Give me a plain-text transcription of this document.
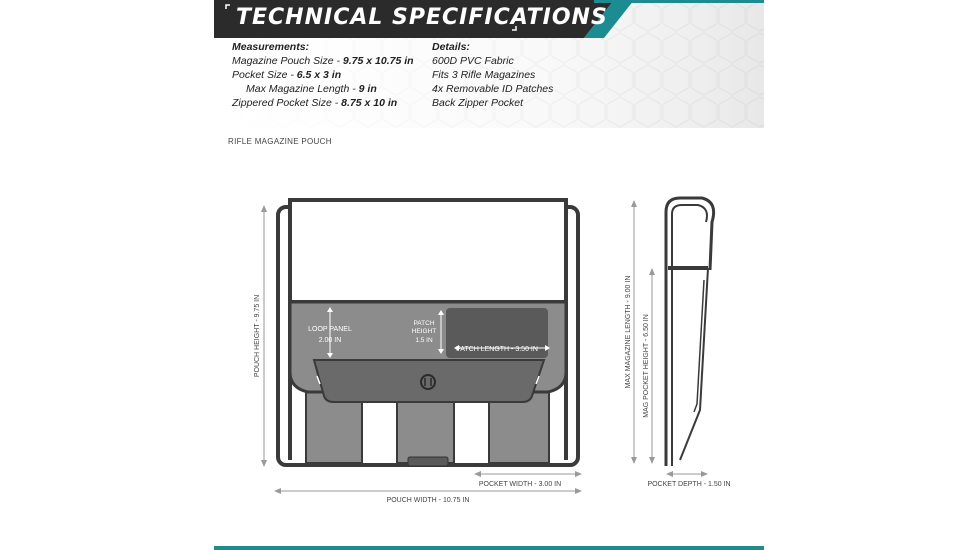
TECHNICAL SPECIFICATIONS
Measurements:
Magazine Pouch Size - 9.75 x 10.75 in
Pocket Size - 6.5 x 3 in
Max Magazine Length - 9 in
Zippered Pocket Size - 8.75 x 10 in
Details:
600D PVC Fabric
Fits 3 Rifle Magazines
4x Removable ID Patches
Back Zipper Pocket
RIFLE MAGAZINE POUCH
LOOP PANEL
2.00 IN
PATCH
HEIGHT
1.5 IN
PATCH LENGTH - 3.50 IN
POUCH HEIGHT - 9.75 IN
POCKET WIDTH - 3.00 IN
POUCH WIDTH - 10.75 IN
MAX MAGAZINE LENGTH - 9.00 IN MAG POCKET HEIGHT - 6.50 IN
POCKET DEPTH - 1.50 IN
